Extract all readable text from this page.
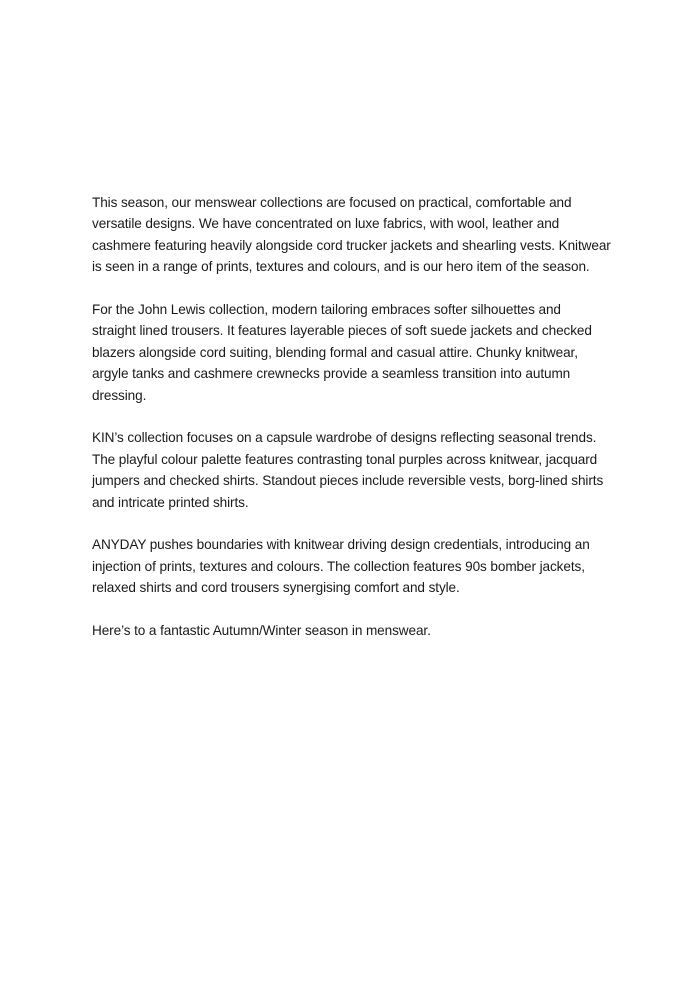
This season, our menswear collections are focused on practical, comfortable and
versatile designs. We have concentrated on luxe fabrics, with wool, leather and
cashmere featuring heavily alongside cord trucker jackets and shearling vests. Knitwear
is seen in a range of prints, textures and colours, and is our hero item of the season.

For the John Lewis collection, modern tailoring embraces softer silhouettes and
straight lined trousers. It features layerable pieces of soft suede jackets and checked
blazers alongside cord suiting, blending formal and casual attire. Chunky knitwear,
argyle tanks and cashmere crewnecks provide a seamless transition into autumn
dressing.

KIN’s collection focuses on a capsule wardrobe of designs reflecting seasonal trends.
The playful colour palette features contrasting tonal purples across knitwear, jacquard
jumpers and checked shirts. Standout pieces include reversible vests, borg-lined shirts
and intricate printed shirts.

ANYDAY pushes boundaries with knitwear driving design credentials, introducing an
injection of prints, textures and colours. The collection features 90s bomber jackets,
relaxed shirts and cord trousers synergising comfort and style.

Here’s to a fantastic Autumn/Winter season in menswear.
